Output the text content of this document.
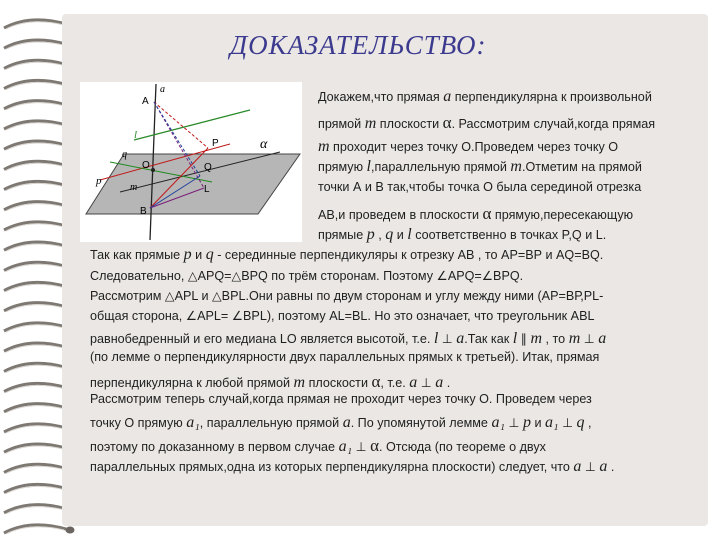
ДОКАЗАТЕЛЬСТВО:
a
A
l
q
P	α
O	Q
p
m	L
B
Докажем,что прямая a перпендикулярна к произвольной
прямой m плоскости α. Рассмотрим случай,когда прямая
m проходит через точку О.Проведем через точку О
прямую l,параллельную прямой m.Отметим на прямой
точки А и В так,чтобы точка О была серединой отрезка
АВ,и проведем в плоскости α прямую,пересекающую
прямые p , q и l соответственно в точках P,Q и L.
Так как прямые p и q - серединные перпендикуляры к отрезку АВ , то АР=ВР и AQ=BQ.
Следовательно, △APQ=△BPQ по трём сторонам. Поэтому ∠APQ=∠BPQ.
Рассмотрим △APL и △BPL.Они равны по двум сторонам и углу между ними (АР=ВР,PL-
общая сторона, ∠APL= ∠BPL), поэтому AL=BL. Но это означает, что треугольник ABL
равнобедренный и его медиана LO является высотой, т.е. l ⊥ a.Так как l ∥ m , то m ⊥ a
(по лемме о перпендикулярности двух параллельных прямых к третьей). Итак, прямая
перпендикулярна к любой прямой m плоскости α, т.е. a ⊥ a .
Рассмотрим теперь случай,когда прямая не проходит через точку О. Проведем через
точку О прямую a₁, параллельную прямой a. По упомянутой лемме a₁ ⊥ p и a₁ ⊥ q ,
поэтому по доказанному в первом случае a₁ ⊥ α. Отсюда (по теореме о двух
параллельных прямых,одна из которых перпендикулярна плоскости) следует, что a ⊥ a .
